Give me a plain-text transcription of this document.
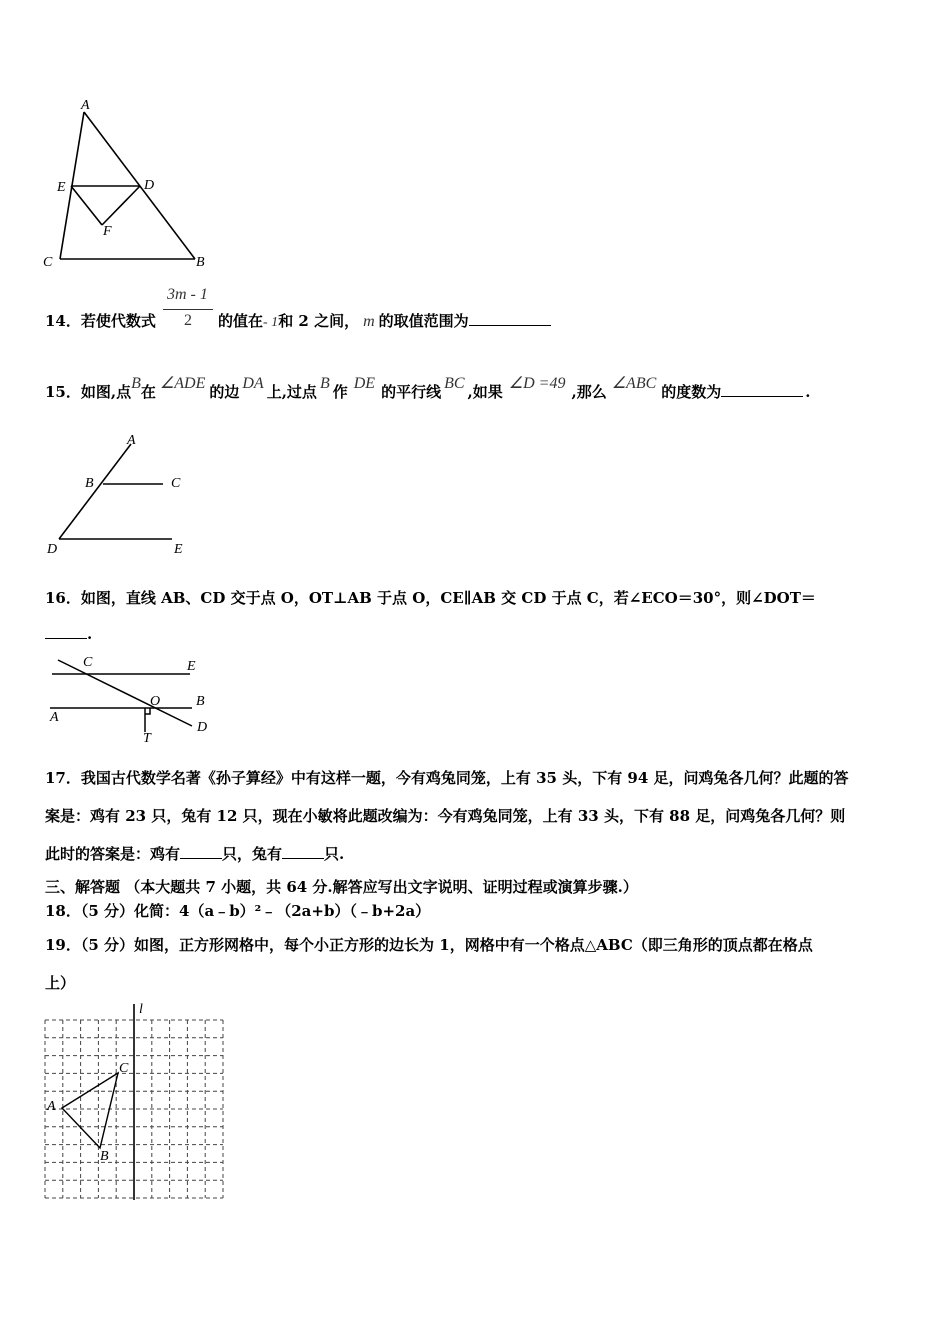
A
E	D
F
C	B
3m - 1
2
14．若使代数式	的值在- 1和 2 之间， m 的取值范围为
15．如图,点B在 ∠ADE 的边 DA 上,过点 B 作 DE 的平行线 BC ,如果 ∠D =49 ,那么 ∠ABC 的度数为	.
A
B	C
D	E
16．如图，直线 AB、CD 交于点 O，OT⊥AB 于点 O，CE∥AB 交 CD 于点 C，若∠ECO＝30°，则∠DOT＝
.
C	E
O	B
A
D
T
17．我国古代数学名著《孙子算经》中有这样一题，今有鸡兔同笼，上有 35 头，下有 94 足，问鸡兔各几何？此题的答
案是：鸡有 23 只，兔有 12 只，现在小敏将此题改编为：今有鸡兔同笼，上有 33 头，下有 88 足，问鸡兔各几何？则
此时的答案是：鸡有	只，兔有	只.
三、解答题 （本大题共 7 小题，共 64 分.解答应写出文字说明、证明过程或演算步骤.）
18．（5 分）化简：4（a﹣b）²﹣（2a+b）（﹣b+2a）
19．（5 分）如图，正方形网格中，每个小正方形的边长为 1，网格中有一个格点△ABC（即三角形的顶点都在格点
上）
l
A
B
C
